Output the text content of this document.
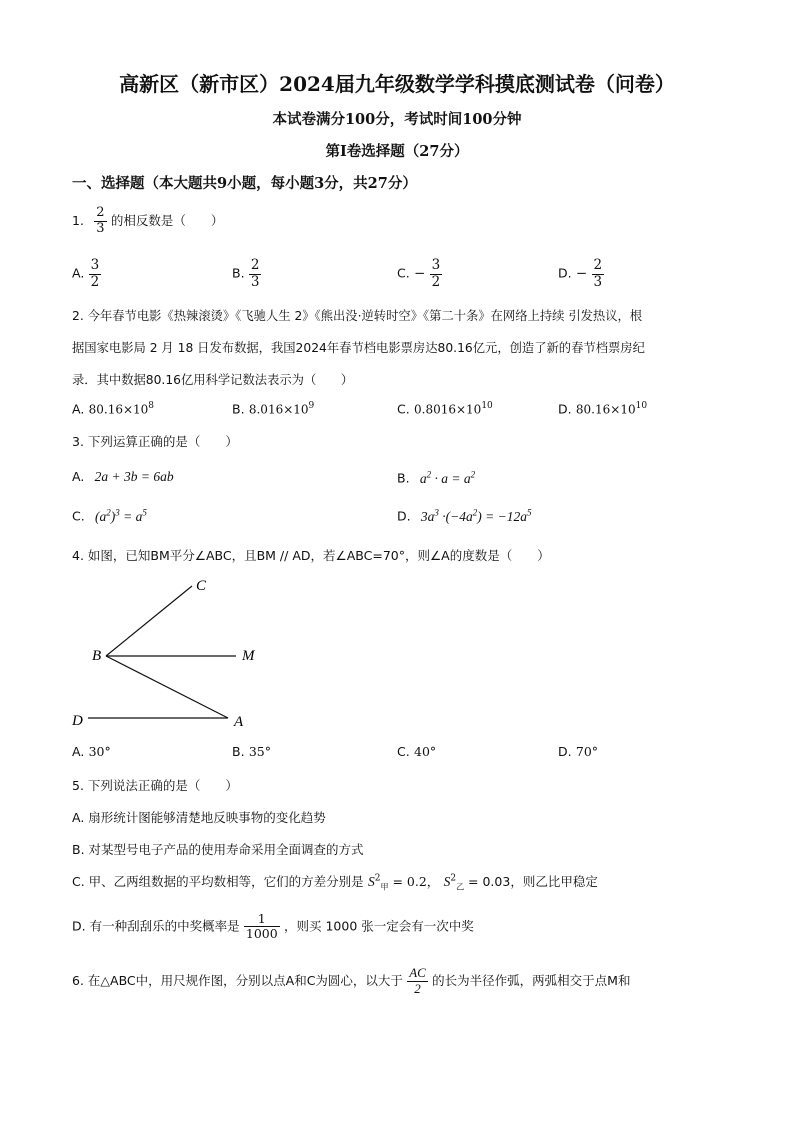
高新区（新市区）2024届九年级数学学科摸底测试卷（问卷）
本试卷满分100分，考试时间100分钟
第Ⅰ卷选择题（27分）
一、选择题（本大题共9小题，每小题3分，共27分）
1. $\frac{2}{3}$ 的相反数是（　　）
A. $\frac{3}{2}$	B. $\frac{2}{3}$	C. − $\frac{3}{2}$	D. − $\frac{2}{3}$
2. 今年春节电影《热辣滚烫》《飞驰人生 2》《熊出没·逆转时空》《第二十条》在网络上持续 引发热议，根
据国家电影局 2 月 18 日发布数据，我国2024年春节档电影票房达80.16亿元，创造了新的春节档票房纪
录．其中数据80.16亿用科学记数法表示为（　　）
A. $80.16\times 10^8$	B. $8.016\times 10^9$	C. $0.8016\times 10^{10}$	D. $80.16\times 10^{10}$
3. 下列运算正确的是（　　）
A. 2a + 3b = 6ab	B. $a^2 \cdot a = a^2$
C. $(a^2)^3 = a^5$	D. $3a^3 \cdot(-4a^2) = -12a^5$
4. 如图，已知BM平分∠ABC，且BM // AD，若∠ABC=70°，则∠A的度数是（　　）
C
B	M
D	A
A. 30°	B. 35°	C. 40°	D. 70°
5. 下列说法正确的是（　　）
A. 扇形统计图能够清楚地反映事物的变化趋势
B. 对某型号电子产品的使用寿命采用全面调查的方式
C. 甲、乙两组数据的平均数相等，它们的方差分别是 $S^2_甲 = 0.2$， $S^2_乙 = 0.03$，则乙比甲稳定
D. 有一种刮刮乐的中奖概率是 $\frac{1}{1000}$ ，则买 1000 张一定会有一次中奖
6. 在△ABC中，用尺规作图，分别以点A和C为圆心，以大于 $\frac{AC}{2}$ 的长为半径作弧，两弧相交于点M和
